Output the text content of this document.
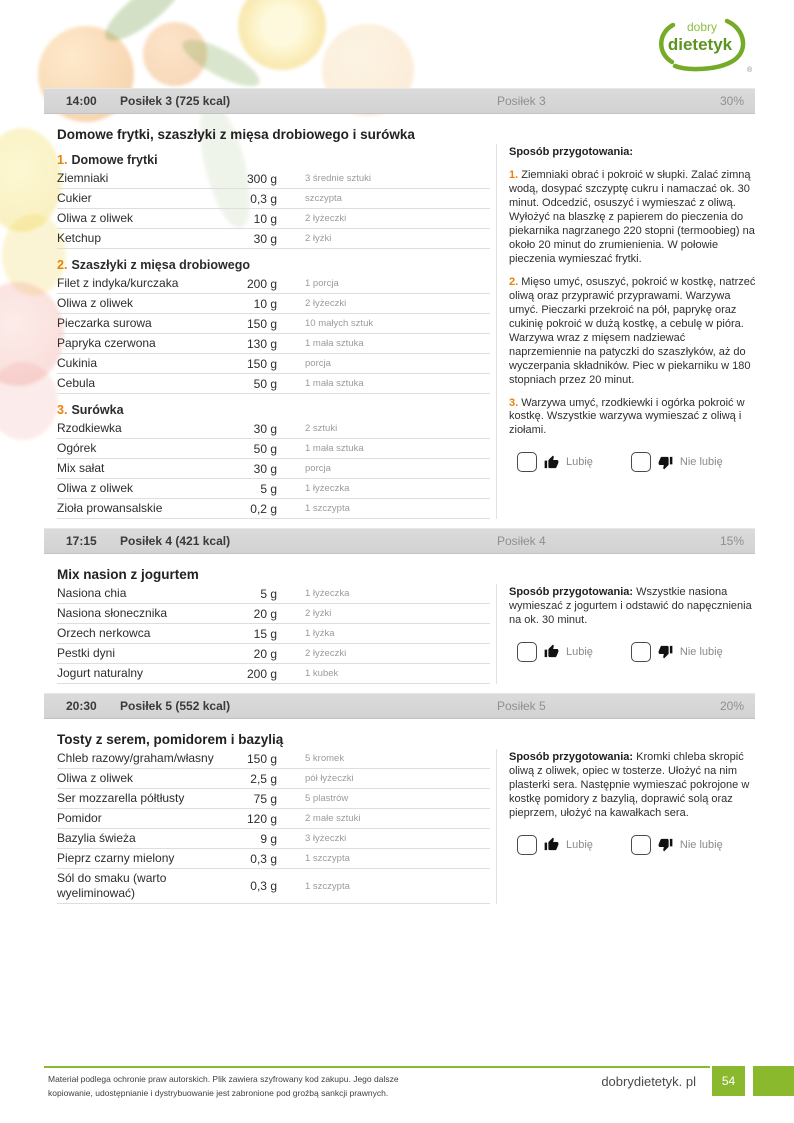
dobry
dietetyk
®
14:00 Posiłek 3 (725 kcal)	Posiłek 3	30%
Domowe frytki, szaszłyki z mięsa drobiowego i surówka
1. Domowe frytki
Ziemniaki	300 g	3 średnie sztuki
Cukier	0,3 g	szczypta
Oliwa z oliwek	10 g	2 łyżeczki
Ketchup	30 g	2 łyżki
2. Szaszłyki z mięsa drobiowego
Filet z indyka/kurczaka	200 g	1 porcja
Oliwa z oliwek	10 g	2 łyżeczki
Pieczarka surowa	150 g	10 małych sztuk
Papryka czerwona	130 g	1 mała sztuka
Cukinia	150 g	porcja
Cebula	50 g	1 mała sztuka
3. Surówka
Rzodkiewka	30 g	2 sztuki
Ogórek	50 g	1 mała sztuka
Mix sałat	30 g	porcja
Oliwa z oliwek	5 g	1 łyżeczka
Zioła prowansalskie	0,2 g	1 szczypta

Sposób przygotowania:

1. Ziemniaki obrać i pokroić w słupki. Zalać zimną wodą, dosypać szczyptę cukru i namaczać ok. 30 minut. Odcedzić, osuszyć i wymieszać z oliwą. Wyłożyć na blaszkę z papierem do pieczenia do piekarnika nagrzanego 220 stopni (termoobieg) na około 20 minut do zrumienienia. W połowie pieczenia wymieszać frytki.

2. Mięso umyć, osuszyć, pokroić w kostkę, natrzeć oliwą oraz przyprawić przyprawami. Warzywa umyć. Pieczarki przekroić na pół, paprykę oraz cukinię pokroić w dużą kostkę, a cebulę w pióra. Warzywa wraz z mięsem nadziewać naprzemiennie na patyczki do szaszłyków, aż do wyczerpania składników. Piec w piekarniku w 180 stopniach przez 20 minut.

3. Warzywa umyć, rzodkiewki i ogórka pokroić w kostkę. Wszystkie warzywa wymieszać z oliwą i ziołami.

Lubię	Nie lubię
17:15 Posiłek 4 (421 kcal)	Posiłek 4	15%
Mix nasion z jogurtem
Nasiona chia	5 g	1 łyżeczka
Nasiona słonecznika	20 g	2 łyżki
Orzech nerkowca	15 g	1 łyżka
Pestki dyni	20 g	2 łyżeczki
Jogurt naturalny	200 g	1 kubek

Sposób przygotowania: Wszystkie nasiona wymieszać z jogurtem i odstawić do napęcznienia na ok. 30 minut.

Lubię	Nie lubię
20:30 Posiłek 5 (552 kcal)	Posiłek 5	20%
Tosty z serem, pomidorem i bazylią
Chleb razowy/graham/własny	150 g	5 kromek
Oliwa z oliwek	2,5 g	pół łyżeczki
Ser mozzarella półtłusty	75 g	5 plastrów
Pomidor	120 g	2 małe sztuki
Bazylia świeża	9 g	3 łyżeczki
Pieprz czarny mielony	0,3 g	1 szczypta
Sól do smaku (warto wyeliminować)	0,3 g	1 szczypta

Sposób przygotowania: Kromki chleba skropić oliwą z oliwek, opiec w tosterze. Ułożyć na nim plasterki sera. Następnie wymieszać pokrojone w kostkę pomidory z bazylią, doprawić solą oraz pieprzem, ułożyć na kawałkach sera.

Lubię	Nie lubię
Materiał podlega ochronie praw autorskich. Plik zawiera szyfrowany kod zakupu. Jego dalsze
kopiowanie, udostępnianie i dystrybuowanie jest zabronione pod groźbą sankcji prawnych.
dobrydietetyk. pl	54
